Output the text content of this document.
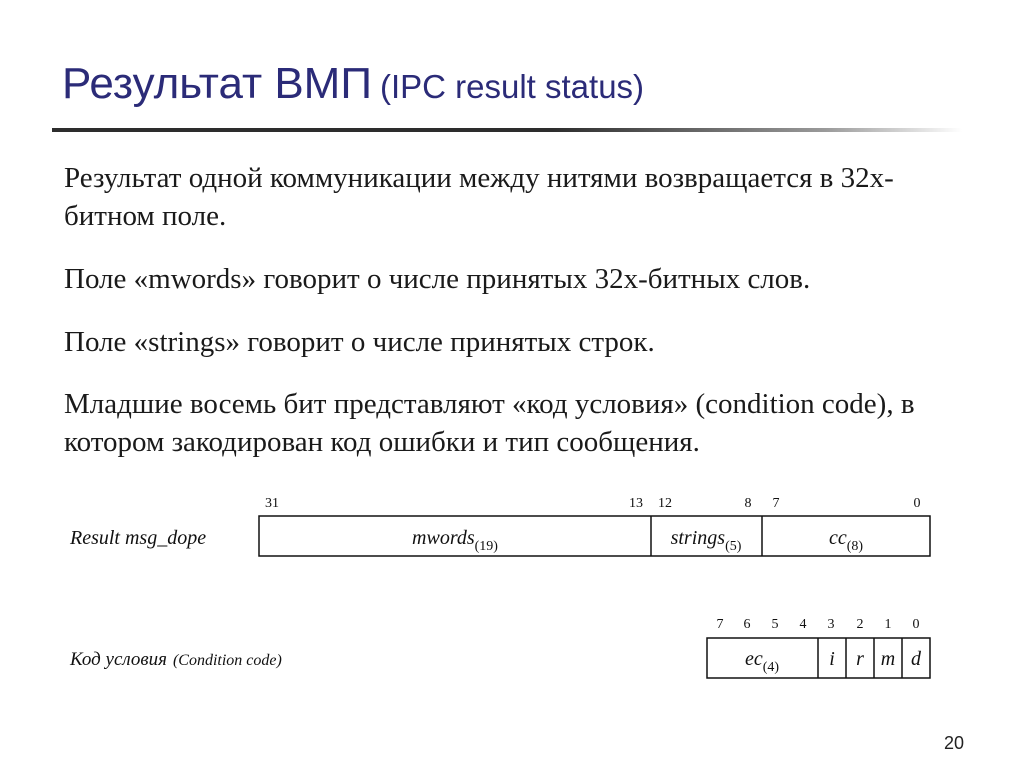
Результат ВМП (IPC result status)

Результат одной коммуникации между нитями возвращается в 32х-битном поле.

Поле «mwords» говорит о числе принятых 32х-битных слов.

Поле «strings» говорит о числе принятых строк.

Младшие восемь бит представляют «код условия» (condition code), в котором закодирован код ошибки и тип сообщения.

Result msg_dope
31	13 12	8 7	0
mwords$_{(19)}$	strings$_{(5)}$	$cc_{(8)}$
Код условия (Condition code)
7 6 5 4 3 2 1 0
$ec_{(4)}$	i r m d
20
